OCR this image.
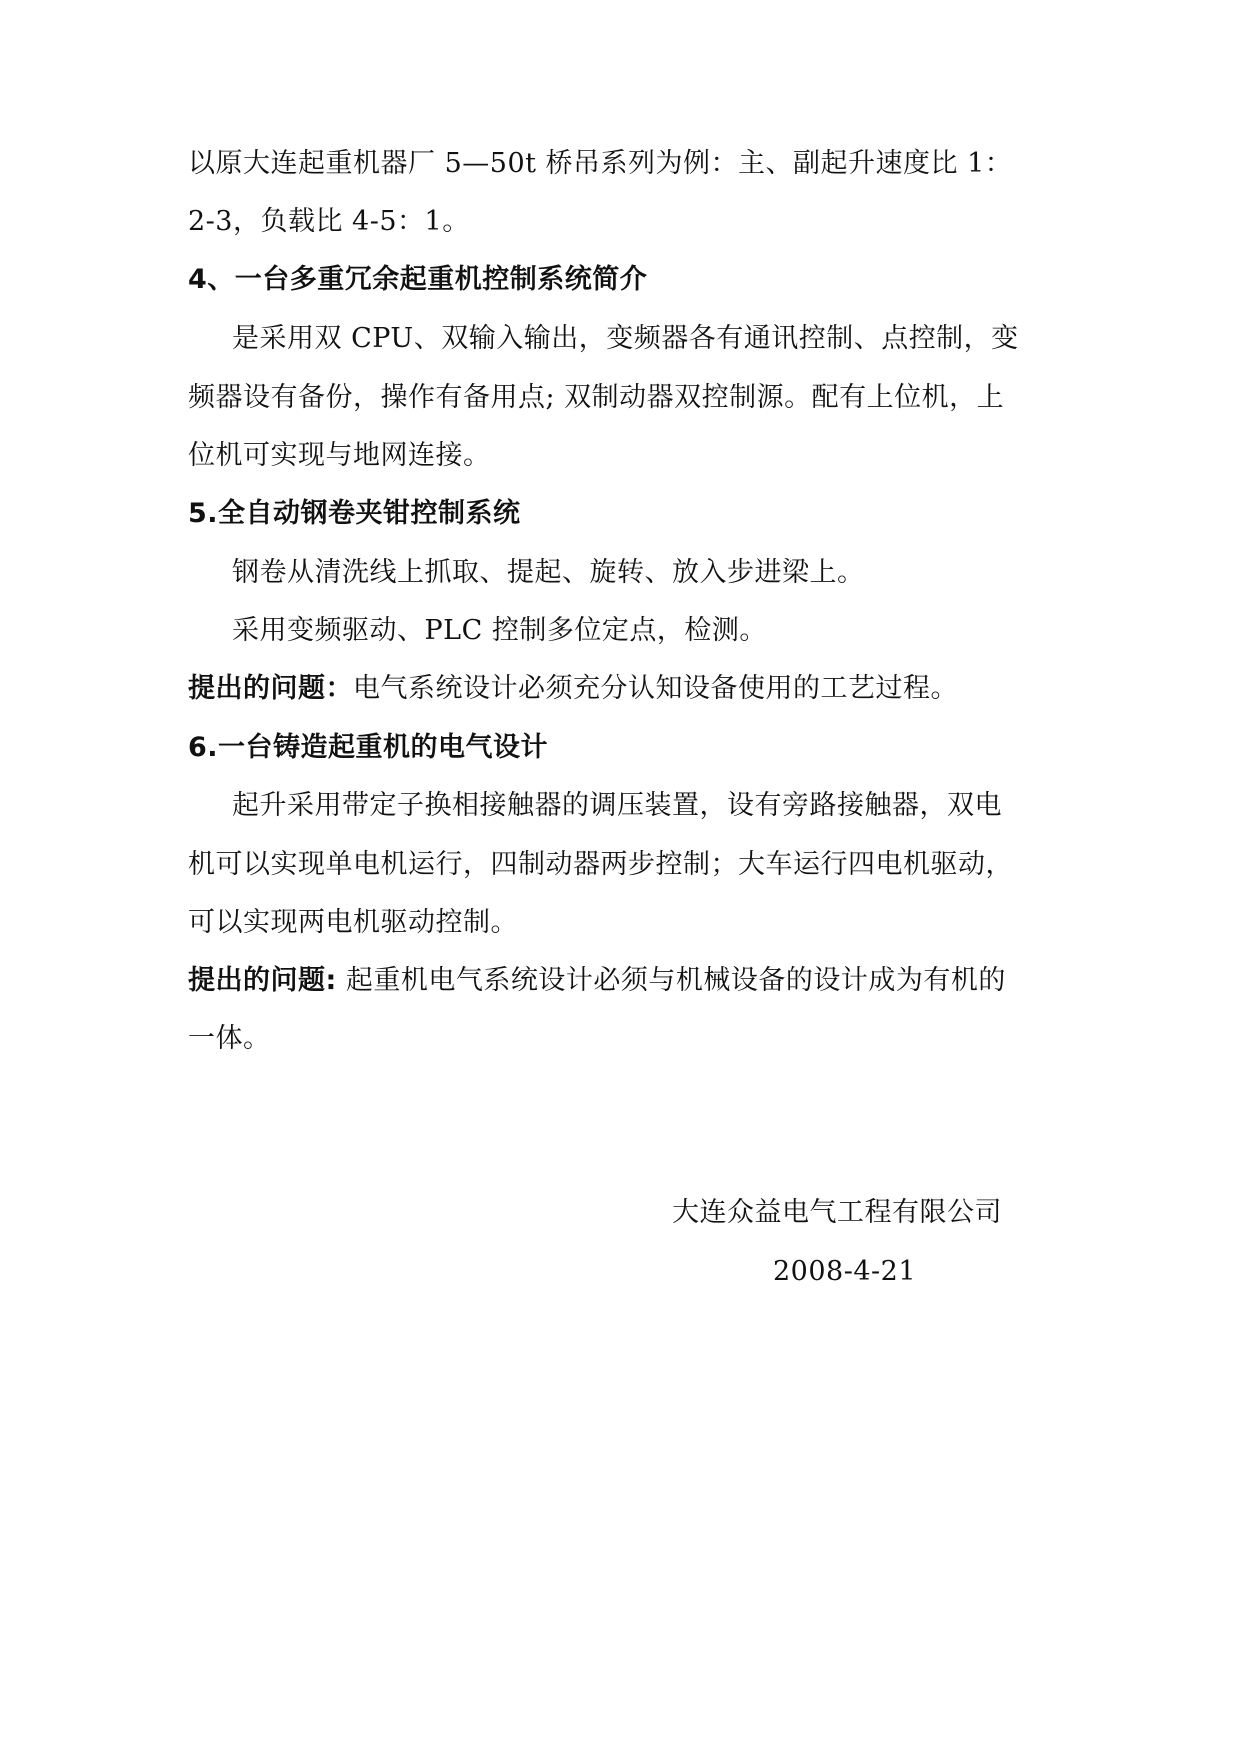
以原大连起重机器厂 5—50t 桥吊系列为例：主、副起升速度比 1：
2-3，负载比 4-5：1。
4、一台多重冗余起重机控制系统简介
是采用双 CPU、双输入输出，变频器各有通讯控制、点控制，变
频器设有备份，操作有备用点; 双制动器双控制源。配有上位机，上
位机可实现与地网连接。
5.全自动钢卷夹钳控制系统
钢卷从清洗线上抓取、提起、旋转、放入步进梁上。
采用变频驱动、PLC 控制多位定点，检测。
提出的问题：电气系统设计必须充分认知设备使用的工艺过程。
6.一台铸造起重机的电气设计
起升采用带定子换相接触器的调压装置，设有旁路接触器，双电
机可以实现单电机运行，四制动器两步控制；大车运行四电机驱动，
可以实现两电机驱动控制。
提出的问题: 起重机电气系统设计必须与机械设备的设计成为有机的
一体。
大连众益电气工程有限公司
2008-4-21
